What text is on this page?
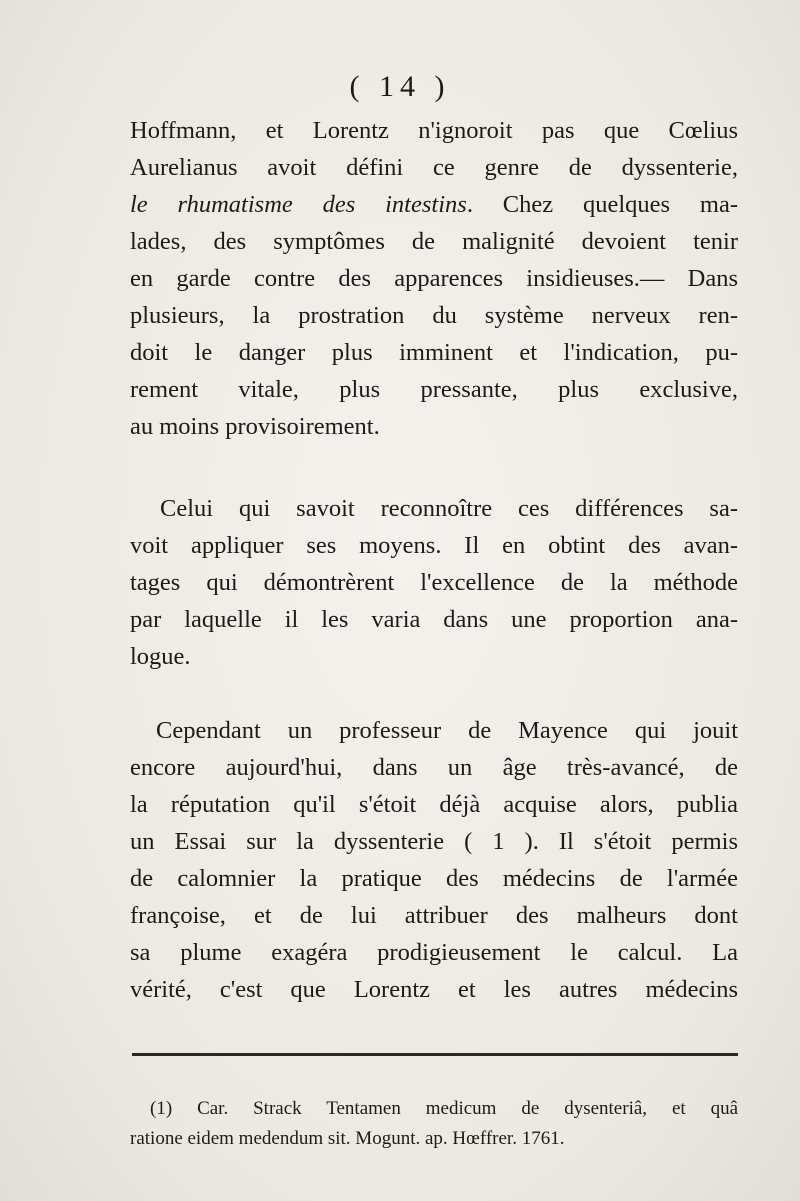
( 14 )
Hoffmann, et Lorentz n'ignoroit pas que Cœlius
Aurelianus avoit défini ce genre de dyssenterie,
le rhumatisme des intestins. Chez quelques ma-
lades, des symptômes de malignité devoient tenir
en garde contre des apparences insidieuses.— Dans
plusieurs, la prostration du système nerveux ren-
doit le danger plus imminent et l'indication, pu-
rement vitale, plus pressante, plus exclusive,
au moins provisoirement.
Celui qui savoit reconnoître ces différences sa-
voit appliquer ses moyens. Il en obtint des avan-
tages qui démontrèrent l'excellence de la méthode
par laquelle il les varia dans une proportion ana-
logue.
Cependant un professeur de Mayence qui jouit
encore aujourd'hui, dans un âge très-avancé, de
la réputation qu'il s'étoit déjà acquise alors, publia
un Essai sur la dyssenterie ( 1 ). Il s'étoit permis
de calomnier la pratique des médecins de l'armée
françoise, et de lui attribuer des malheurs dont
sa plume exagéra prodigieusement le calcul. La
vérité, c'est que Lorentz et les autres médecins
(1) Car. Strack Tentamen medicum de dysenteriâ, et quâ
ratione eidem medendum sit. Mogunt. ap. Hœffrer. 1761.
